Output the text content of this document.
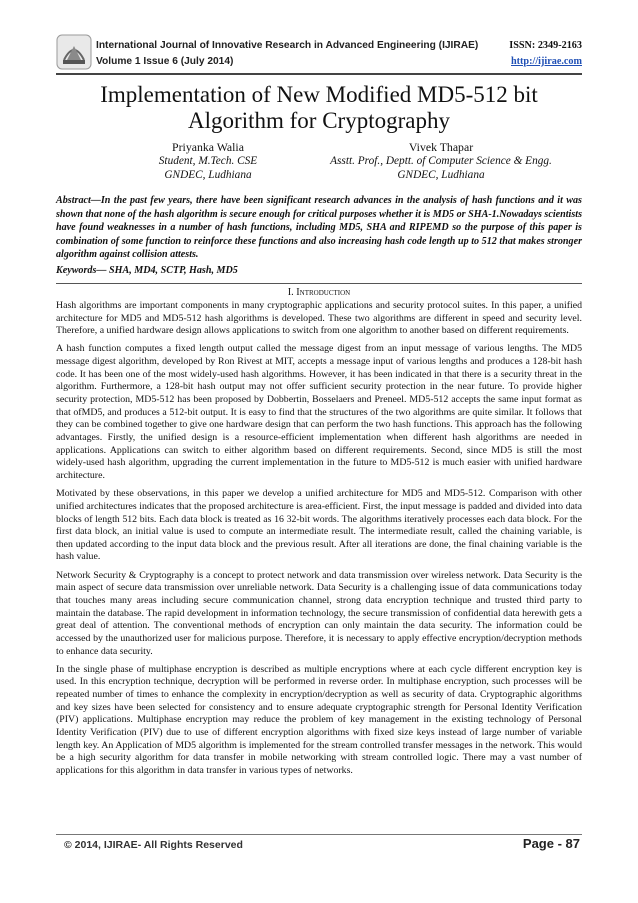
International Journal of Innovative Research in Advanced Engineering (IJIRAE)
Volume 1 Issue 6 (July 2014)
ISSN: 2349-2163
http://ijirae.com
Implementation of New Modified MD5-512 bit
Algorithm for Cryptography
Priyanka Walia
Student, M.Tech. CSE
GNDEC, Ludhiana
Vivek Thapar
Asstt. Prof., Deptt. of Computer Science & Engg.
GNDEC, Ludhiana
Abstract—In the past few years, there have been significant research advances in the analysis of hash functions and it was shown that none of the hash algorithm is secure enough for critical purposes whether it is MD5 or SHA-1.Nowadays scientists have found weaknesses in a number of hash functions, including MD5, SHA and RIPEMD so the purpose of this paper is combination of some function to reinforce these functions and also increasing hash code length up to 512 that makes stronger algorithm against collision attests.
Keywords— SHA, MD4, SCTP, Hash, MD5
I. Introduction

Hash algorithms are important components in many cryptographic applications and security protocol suites. In this paper, a unified architecture for MD5 and MD5-512 hash algorithms is developed. These two algorithms are different in speed and security level. Therefore, a unified hardware design allows applications to switch from one algorithm to another based on different requirements.

A hash function computes a fixed length output called the message digest from an input message of various lengths. The MD5 message digest algorithm, developed by Ron Rivest at MIT, accepts a message input of various lengths and produces a 128-bit hash code. It has been one of the most widely-used hash algorithms. However, it has been indicated in that there is a security threat in the algorithm. Furthermore, a 128-bit hash output may not offer sufficient security protection in the near future. To provide higher security protection, MD5-512 has been proposed by Dobbertin, Bosselaers and Preneel. MD5-512 accepts the same input format as that ofMD5, and produces a 512-bit output. It is easy to find that the structures of the two algorithms are quite similar. It follows that they can be combined together to give one hardware design that can perform the two hash functions. This approach has the following advantages. Firstly, the unified design is a resource-efficient implementation when different hash algorithms are needed in applications. Applications can switch to either algorithm based on different requirements. Second, since MD5 is still the most widely-used hash algorithm, upgrading the current implementation in the future to MD5-512 is much easier with unified hardware architecture.

Motivated by these observations, in this paper we develop a unified architecture for MD5 and MD5-512. Comparison with other unified architectures indicates that the proposed architecture is area-efficient. First, the input message is padded and divided into data blocks of length 512 bits. Each data block is treated as 16 32-bit words. The algorithms iteratively processes each data block. For the first data block, an initial value is used to compute an intermediate result. The intermediate result, called the chaining variable, is then updated according to the input data block and the previous result. After all iterations are done, the final chaining variable is the hash value.

Network Security & Cryptography is a concept to protect network and data transmission over wireless network. Data Security is the main aspect of secure data transmission over unreliable network. Data Security is a challenging issue of data communications today that touches many areas including secure communication channel, strong data encryption technique and trusted third party to maintain the database. The rapid development in information technology, the secure transmission of confidential data herewith gets a great deal of attention. The conventional methods of encryption can only maintain the data security. The information could be accessed by the unauthorized user for malicious purpose. Therefore, it is necessary to apply effective encryption/decryption methods to enhance data security.

In the single phase of multiphase encryption is described as multiple encryptions where at each cycle different encryption key is used. In this encryption technique, decryption will be performed in reverse order. In multiphase encryption, such processes will be repeated number of times to enhance the complexity in encryption/decryption as well as security of data. Cryptographic algorithms and key sizes have been selected for consistency and to ensure adequate cryptographic strength for Personal Identity Verification (PIV) applications. Multiphase encryption may reduce the problem of key management in the existing technology of Personal Identity Verification (PIV) due to use of different encryption algorithms with fixed size keys instead of large number of variable length key. An Application of MD5 algorithm is implemented for the stream controlled transfer messages in the network. This would be a high security algorithm for data transfer in mobile networking with stream controlled logic. There may a vast number of applications for this algorithm in data transfer in various types of networks.

© 2014, IJIRAE- All Rights Reserved	Page - 87
